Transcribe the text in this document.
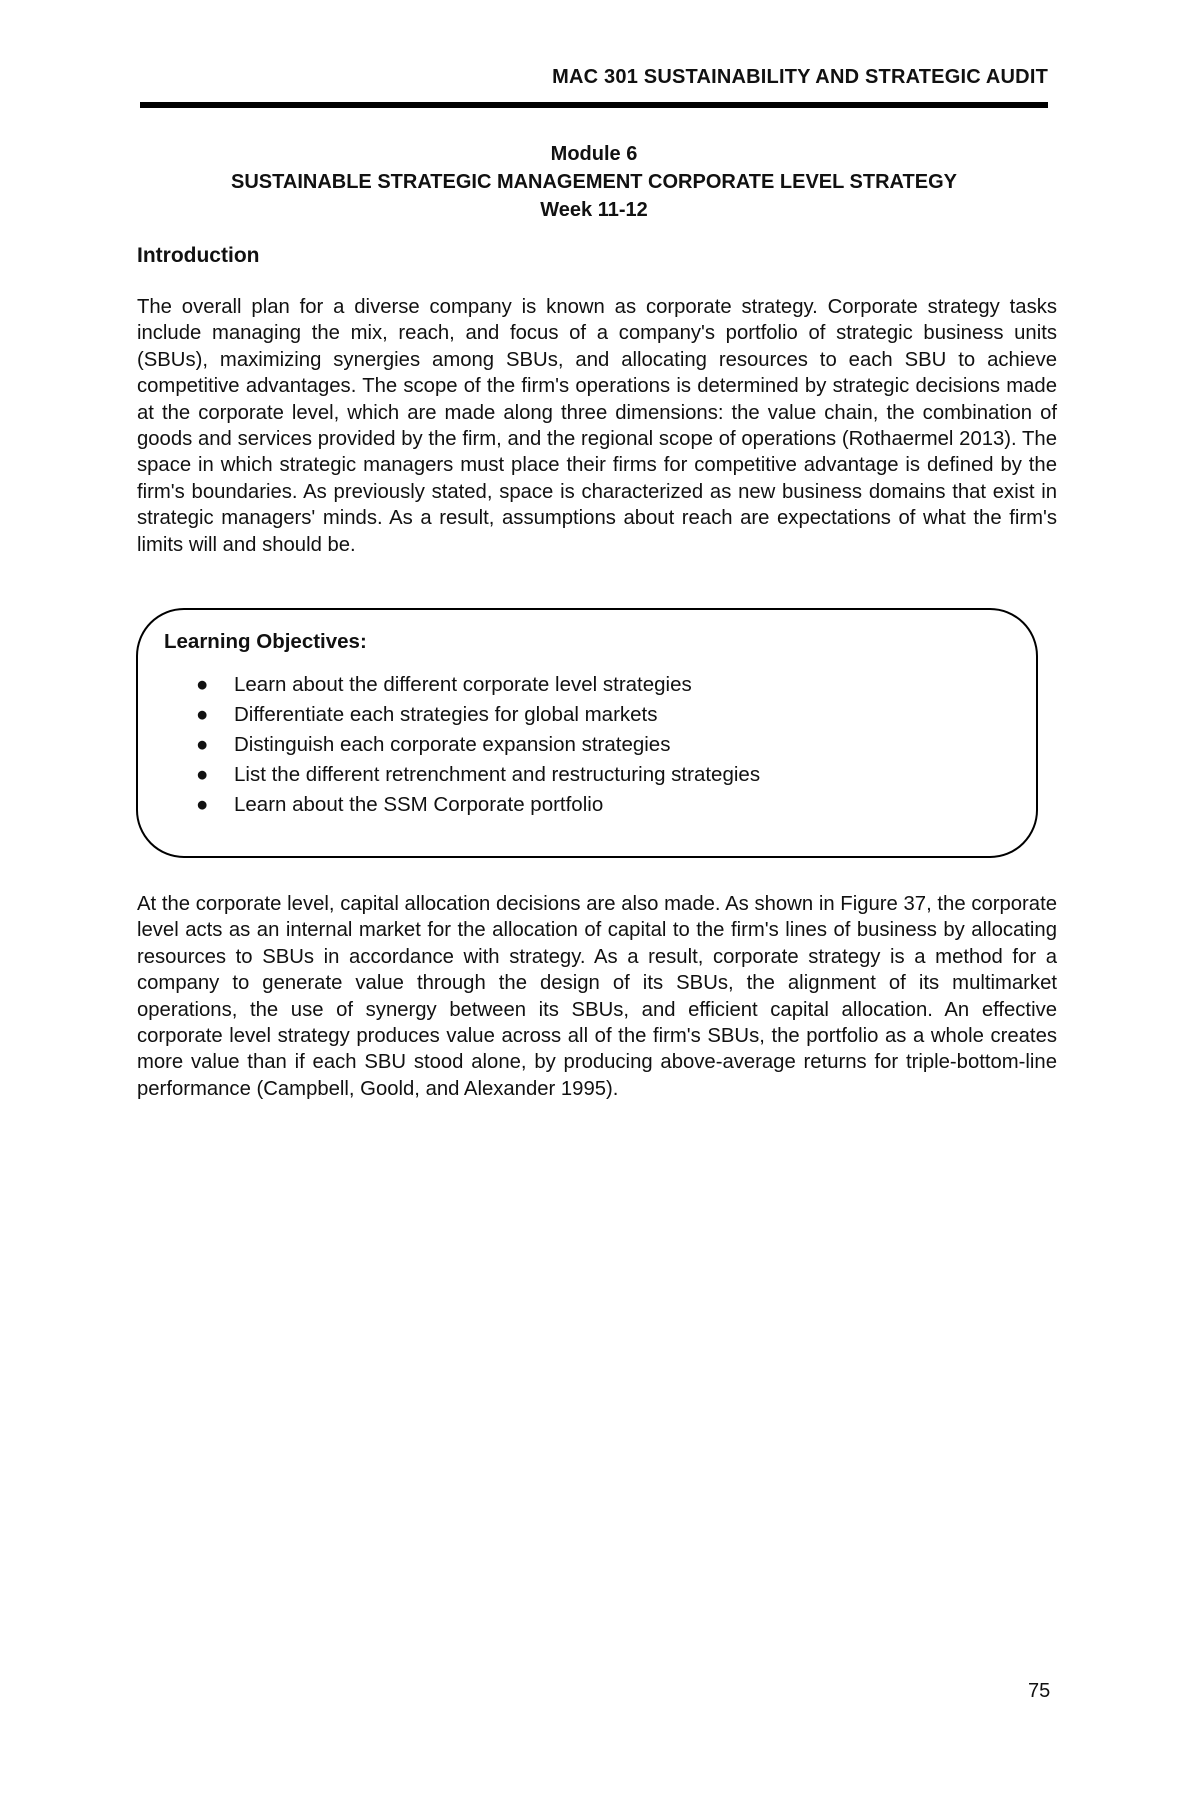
MAC 301 SUSTAINABILITY AND STRATEGIC AUDIT
Module 6
SUSTAINABLE STRATEGIC MANAGEMENT CORPORATE LEVEL STRATEGY
Week 11-12
Introduction

The overall plan for a diverse company is known as corporate strategy. Corporate strategy tasks include managing the mix, reach, and focus of a company's portfolio of strategic business units (SBUs), maximizing synergies among SBUs, and allocating resources to each SBU to achieve competitive advantages. The scope of the firm's operations is determined by strategic decisions made at the corporate level, which are made along three dimensions: the value chain, the combination of goods and services provided by the firm, and the regional scope of operations (Rothaermel 2013). The space in which strategic managers must place their firms for competitive advantage is defined by the firm's boundaries. As previously stated, space is characterized as new business domains that exist in strategic managers' minds. As a result, assumptions about reach are expectations of what the firm's limits will and should be.

Learning Objectives:
● Learn about the different corporate level strategies
● Differentiate each strategies for global markets
● Distinguish each corporate expansion strategies
● List the different retrenchment and restructuring strategies
● Learn about the SSM Corporate portfolio

At the corporate level, capital allocation decisions are also made. As shown in Figure 37, the corporate level acts as an internal market for the allocation of capital to the firm's lines of business by allocating resources to SBUs in accordance with strategy. As a result, corporate strategy is a method for a company to generate value through the design of its SBUs, the alignment of its multimarket operations, the use of synergy between its SBUs, and efficient capital allocation. An effective corporate level strategy produces value across all of the firm's SBUs, the portfolio as a whole creates more value than if each SBU stood alone, by producing above-average returns for triple-bottom-line performance (Campbell, Goold, and Alexander 1995).

75
